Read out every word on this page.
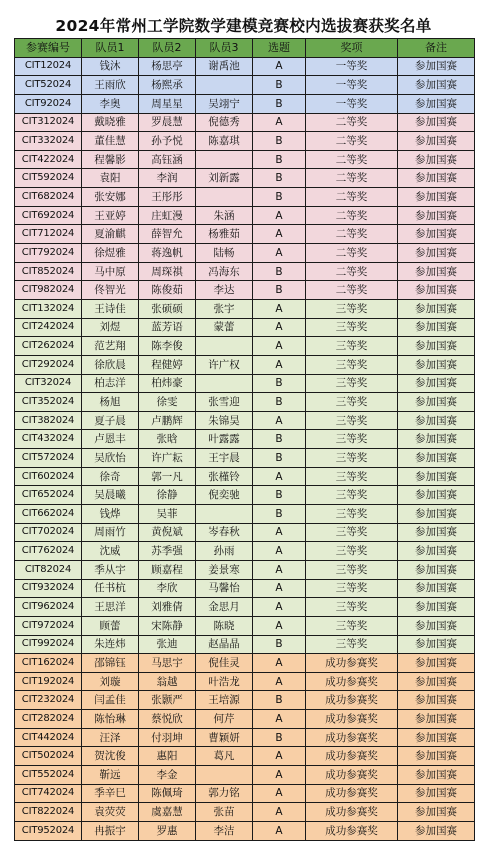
2024年常州工学院数学建模竞赛校内选拔赛获奖名单
参赛编号	队员1	队员2	队员3	选题	奖项	备注
CIT12024	钱沐	杨思亭	谢禹池	A	一等奖	参加国赛
CIT52024	王雨欣	杨熙承		B	一等奖	参加国赛
CIT92024	李奥	周星星	吴翊宁	B	一等奖	参加国赛
CIT312024	戴晓雅	罗晨慧	倪德秀	A	二等奖	参加国赛
CIT332024	董佳慧	孙予悦	陈嘉琪	B	二等奖	参加国赛
CIT422024	程馨影	高钰涵		B	二等奖	参加国赛
CIT592024	袁阳	李润	刘新露	B	二等奖	参加国赛
CIT682024	张安娜	王彤彤		B	二等奖	参加国赛
CIT692024	王亚婷	庄虹漫	朱涵	A	二等奖	参加国赛
CIT712024	夏渝麒	薛智允	杨雅茹	A	二等奖	参加国赛
CIT792024	徐煜雅	蒋逸帆	陆畅	A	二等奖	参加国赛
CIT852024	马中原	周琛祺	冯海东	B	二等奖	参加国赛
CIT982024	佟智光	陈俊茹	李达	B	二等奖	参加国赛
CIT132024	王诗佳	张硕硕	张宇	A	三等奖	参加国赛
CIT242024	刘煜	蓝芳语	蒙蕾	A	三等奖	参加国赛
CIT262024	范艺翔	陈李俊		A	三等奖	参加国赛
CIT292024	徐欣晨	程健婷	许广权	A	三等奖	参加国赛
CIT32024	柏志洋	柏炜豪		B	三等奖	参加国赛
CIT352024	杨旭	徐雯	张雪迎	B	三等奖	参加国赛
CIT382024	夏子晨	卢鹏辉	朱锦昊	A	三等奖	参加国赛
CIT432024	卢恩丰	张晗	叶露露	B	三等奖	参加国赛
CIT572024	吴欣怡	许广耘	王宇晨	B	三等奖	参加国赛
CIT602024	徐奇	郭一凡	张槿铃	A	三等奖	参加国赛
CIT652024	吴晨曦	徐静	倪奕驰	B	三等奖	参加国赛
CIT662024	钱烨	吴菲		B	三等奖	参加国赛
CIT702024	周雨竹	黄倪斌	岑春秋	A	三等奖	参加国赛
CIT762024	沈威	苏季强	孙雨	A	三等奖	参加国赛
CIT82024	季从宇	顾嘉程	姜景寒	A	三等奖	参加国赛
CIT932024	任书杭	李欣	马馨怡	A	三等奖	参加国赛
CIT962024	王思洋	刘雅倩	金思月	A	三等奖	参加国赛
CIT972024	顾蕾	宋陈静	陈晓	A	三等奖	参加国赛
CIT992024	朱连炜	张迪	赵晶晶	B	三等奖	参加国赛
CIT162024	邵锦钰	马思宇	倪佳灵	A	成功参赛奖	参加国赛
CIT192024	刘璇	翁越	叶浩龙	A	成功参赛奖	参加国赛
CIT232024	闫孟佳	张颢严	王培源	B	成功参赛奖	参加国赛
CIT282024	陈怡琳	蔡悦欣	何芹	A	成功参赛奖	参加国赛
CIT442024	汪泽	付羽坤	曹颖妍	B	成功参赛奖	参加国赛
CIT502024	贺沈俊	惠阳	葛凡	A	成功参赛奖	参加国赛
CIT552024	靳远	李金		A	成功参赛奖	参加国赛
CIT742024	季辛巳	陈佩琦	郭力铭	A	成功参赛奖	参加国赛
CIT822024	袁荧荧	虞嘉慧	张苗	A	成功参赛奖	参加国赛
CIT952024	冉振宇	罗惠	李洁	A	成功参赛奖	参加国赛
